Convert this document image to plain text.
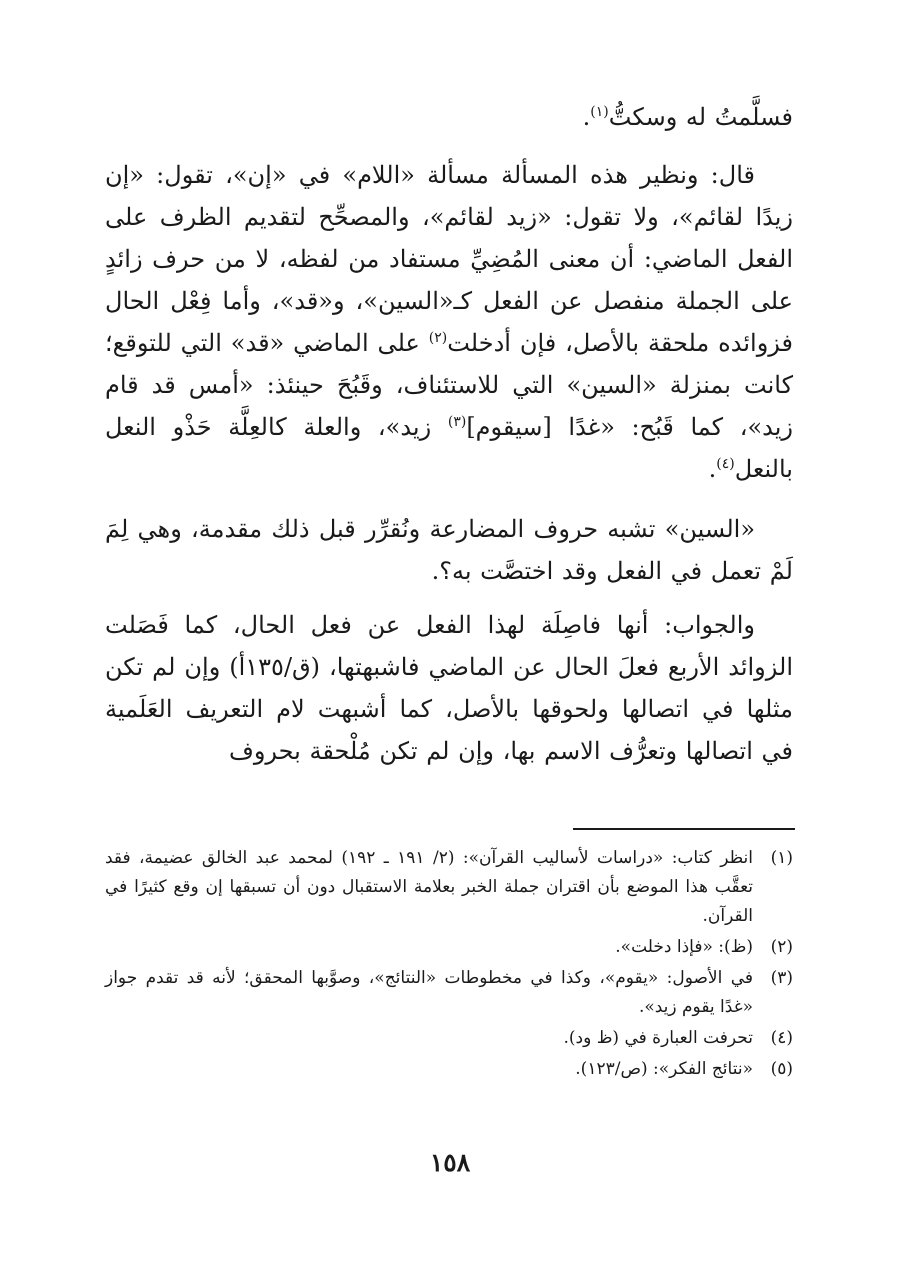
فسلَّمتُ له وسكتُّ$^{(١)}$.

قال: ونظير هذه المسألة مسألة «اللام» في «إن»، تقول: «إن زيدًا لقائم»، ولا تقول: «زيد لقائم»، والمصحِّح لتقديم الظرف على الفعل الماضي: أن معنى المُضِيِّ مستفاد من لفظه، لا من حرف زائدٍ على الجملة منفصل عن الفعل كـ«السين»، و«قد»، وأما فِعْل الحال فزوائده ملحقة بالأصل، فإن أدخلت$^{(٢)}$ على الماضي «قد» التي للتوقع؛ كانت بمنزلة «السين» التي للاستئناف، وقَبُحَ حينئذ: «أمس قد قام زيد»، كما قَبُح: «غدًا [سيقوم]$^{(٣)}$ زيد»، والعلة كالعِلَّة حَذْو النعل بالنعل$^{(٤)}$.

«السين» تشبه حروف المضارعة ونُقرِّر قبل ذلك مقدمة، وهي لِمَ لَمْ تعمل في الفعل وقد اختصَّت به؟.

والجواب: أنها فاصِلَة لهذا الفعل عن فعل الحال، كما فَصَلت الزوائد الأربع فعلَ الحال عن الماضي فاشبهتها، (ق/١٣٥أ) وإن لم تكن مثلها في اتصالها ولحوقها بالأصل، كما أشبهت لام التعريف العَلَمية في اتصالها وتعرُّف الاسم بها، وإن لم تكن مُلْحقة بحروف

(١)
انظر كتاب: «دراسات لأساليب القرآن»: (٢/ ١٩١ ـ ١٩٢) لمحمد عبد الخالق عضيمة، فقد تعقَّب هذا الموضع بأن اقتران جملة الخبر بعلامة الاستقبال دون أن تسبقها إن وقع كثيرًا في القرآن.
(٢)
(ظ): «فإذا دخلت».
(٣)
في الأصول: «يقوم»، وكذا في مخطوطات «النتائج»، وصوَّبها المحقق؛ لأنه قد تقدم جواز «غدًا يقوم زيد».
(٤)
تحرفت العبارة في (ظ ود).
(٥)
«نتائج الفكر»: (ص/١٢٣).
١٥٨
